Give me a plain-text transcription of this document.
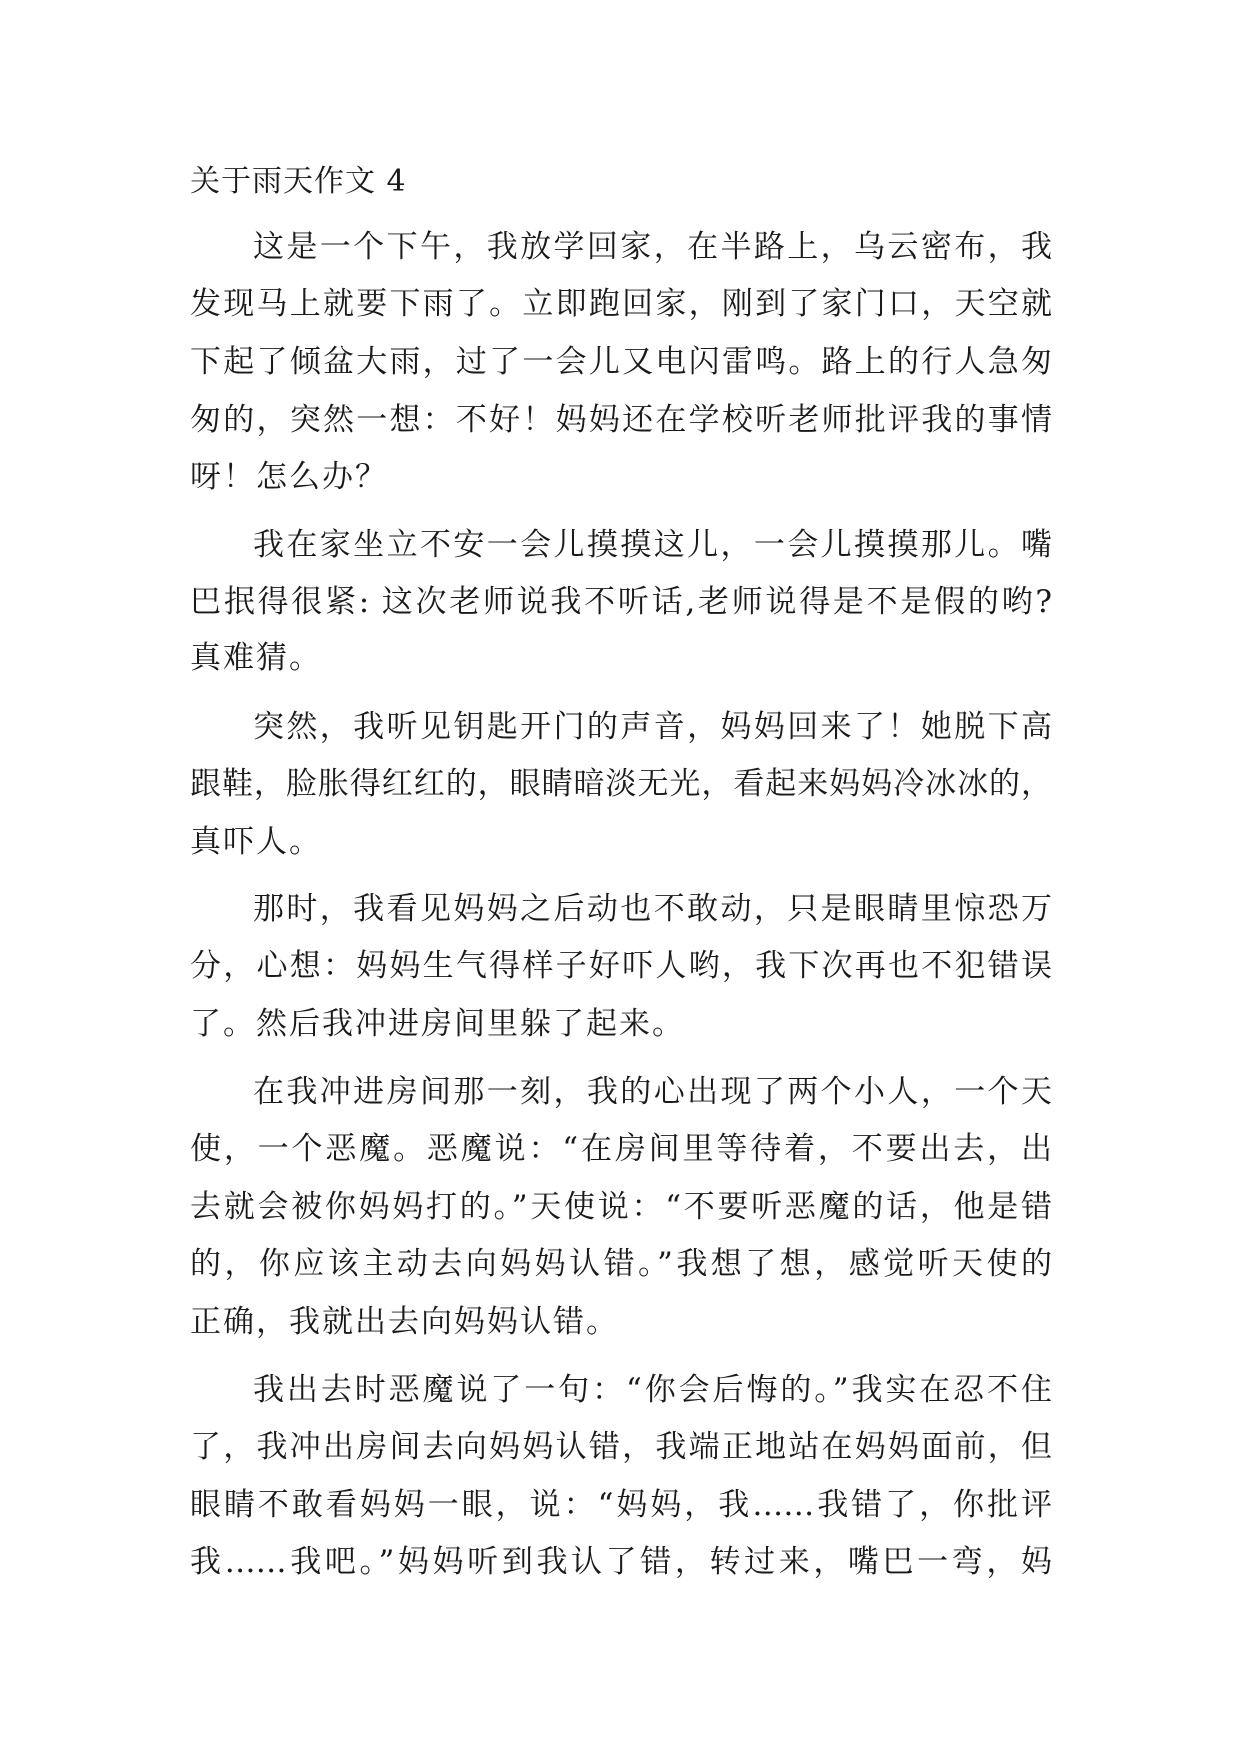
关于雨天作文 4
这是一个下午，我放学回家，在半路上，乌云密布，我
发现马上就要下雨了。立即跑回家，刚到了家门口，天空就
下起了倾盆大雨，过了一会儿又电闪雷鸣。路上的行人急匆
匆的，突然一想：不好！妈妈还在学校听老师批评我的事情
呀！怎么办？
我在家坐立不安一会儿摸摸这儿，一会儿摸摸那儿。嘴
巴抿得很紧: 这次老师说我不听话,老师说得是不是假的哟?
真难猜。
突然，我听见钥匙开门的声音，妈妈回来了！她脱下高
跟鞋，脸胀得红红的，眼睛暗淡无光，看起来妈妈冷冰冰的，
真吓人。
那时，我看见妈妈之后动也不敢动，只是眼睛里惊恐万
分，心想：妈妈生气得样子好吓人哟，我下次再也不犯错误
了。然后我冲进房间里躲了起来。
在我冲进房间那一刻，我的心出现了两个小人，一个天
使，一个恶魔。恶魔说：“在房间里等待着，不要出去，出
去就会被你妈妈打的。”天使说：“不要听恶魔的话，他是错
的，你应该主动去向妈妈认错。”我想了想，感觉听天使的
正确，我就出去向妈妈认错。
我出去时恶魔说了一句：“你会后悔的。”我实在忍不住
了，我冲出房间去向妈妈认错，我端正地站在妈妈面前，但
眼睛不敢看妈妈一眼，说：“妈妈，我……我错了，你批评
我……我吧。”妈妈听到我认了错，转过来，嘴巴一弯，妈
